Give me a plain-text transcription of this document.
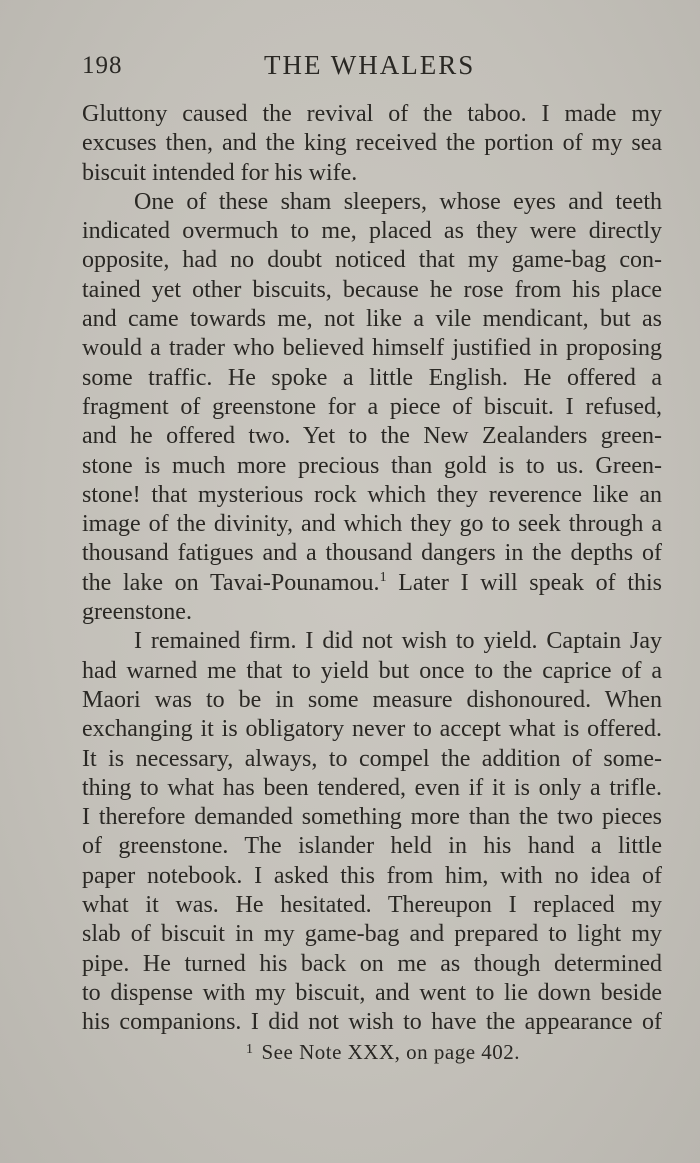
198	THE WHALERS
Gluttony caused the revival of the taboo. I made my
excuses then, and the king received the portion of my sea
biscuit intended for his wife.
One of these sham sleepers, whose eyes and teeth
indicated overmuch to me, placed as they were directly
opposite, had no doubt noticed that my game-bag con-
tained yet other biscuits, because he rose from his place
and came towards me, not like a vile mendicant, but as
would a trader who believed himself justified in proposing
some traffic. He spoke a little English. He offered a
fragment of greenstone for a piece of biscuit. I refused,
and he offered two. Yet to the New Zealanders green-
stone is much more precious than gold is to us. Green-
stone! that mysterious rock which they reverence like an
image of the divinity, and which they go to seek through a
thousand fatigues and a thousand dangers in the depths of
the lake on Tavai-Pounamou.$^1$ Later I will speak of this
greenstone.
I remained firm. I did not wish to yield. Captain Jay
had warned me that to yield but once to the caprice of a
Maori was to be in some measure dishonoured. When
exchanging it is obligatory never to accept what is offered.
It is necessary, always, to compel the addition of some-
thing to what has been tendered, even if it is only a trifle.
I therefore demanded something more than the two pieces
of greenstone. The islander held in his hand a little
paper notebook. I asked this from him, with no idea of
what it was. He hesitated. Thereupon I replaced my
slab of biscuit in my game-bag and prepared to light my
pipe. He turned his back on me as though determined
to dispense with my biscuit, and went to lie down beside
his companions. I did not wish to have the appearance of
$^1$ See Note XXX, on page 402.
